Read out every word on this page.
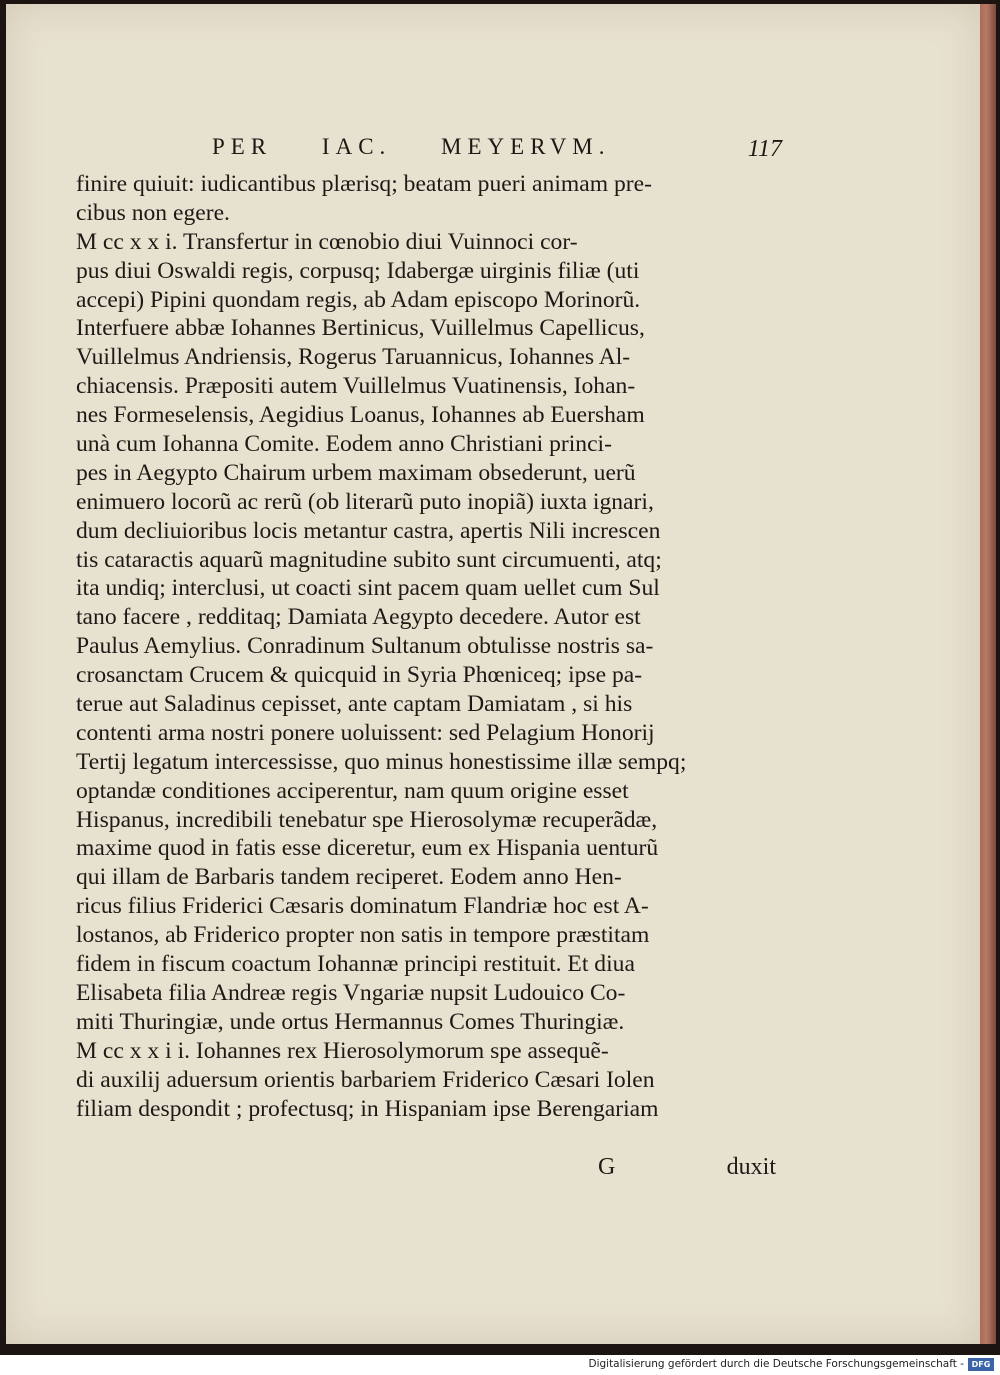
PER IAC. MEYERVM.	117
finire quiuit: iudicantibus plærisq; beatam pueri animam pre-
cibus non egere.
M cc x x i. Transfertur in cœnobio diui Vuinnoci cor-
pus diui Oswaldi regis, corpusq; Idabergæ uirginis filiæ (uti
accepi) Pipini quondam regis, ab Adam episcopo Morinorũ.
Interfuere abbæ Iohannes Bertinicus, Vuillelmus Capellicus,
Vuillelmus Andriensis, Rogerus Taruannicus, Iohannes Al-
chiacensis. Præpositi autem Vuillelmus Vuatinensis, Iohan-
nes Formeselensis, Aegidius Loanus, Iohannes ab Euersham
unà cum Iohanna Comite. Eodem anno Christiani princi-
pes in Aegypto Chairum urbem maximam obsederunt, uerũ
enimuero locorũ ac rerũ (ob literarũ puto inopiã) iuxta ignari,
dum decliuioribus locis metantur castra, apertis Nili increscen
tis cataractis aquarũ magnitudine subito sunt circumuenti, atq;
ita undiq; interclusi, ut coacti sint pacem quam uellet cum Sul
tano facere , redditaq; Damiata Aegypto decedere. Autor est
Paulus Aemylius. Conradinum Sultanum obtulisse nostris sa-
crosanctam Crucem & quicquid in Syria Phœniceq; ipse pa-
terue aut Saladinus cepisset, ante captam Damiatam , si his
contenti arma nostri ponere uoluissent: sed Pelagium Honorij
Tertij legatum intercessisse, quo minus honestissime illæ sempq;
optandæ conditiones acciperentur, nam quum origine esset
Hispanus, incredibili tenebatur spe Hierosolymæ recuperãdæ,
maxime quod in fatis esse diceretur, eum ex Hispania uenturũ
qui illam de Barbaris tandem reciperet. Eodem anno Hen-
ricus filius Friderici Cæsaris dominatum Flandriæ hoc est A-
lostanos, ab Friderico propter non satis in tempore præstitam
fidem in fiscum coactum Iohannæ principi restituit. Et diua
Elisabeta filia Andreæ regis Vngariæ nupsit Ludouico Co-
miti Thuringiæ, unde ortus Hermannus Comes Thuringiæ.
M cc x x i i. Iohannes rex Hierosolymorum spe assequẽ-
di auxilij aduersum orientis barbariem Friderico Cæsari Iolen
filiam despondit ; profectusq; in Hispaniam ipse Berengariam
G	duxit
Digitalisierung gefördert durch die Deutsche Forschungsgemeinschaft - DFG
